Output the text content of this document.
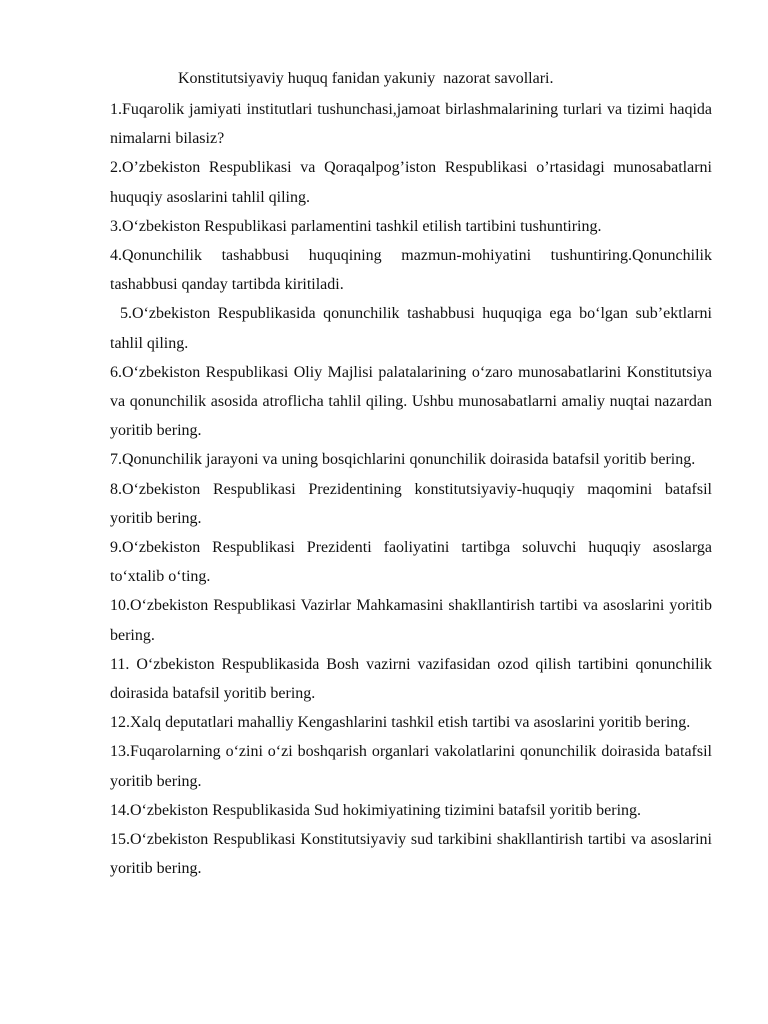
Konstitutsiyaviy huquq fanidan yakuniy  nazorat savollari.

1.Fuqarolik jamiyati institutlari tushunchasi,jamoat birlashmalarining turlari va tizimi haqida nimalarni bilasiz?

2.O’zbekiston Respublikasi va Qoraqalpog’iston Respublikasi o’rtasidagi munosabatlarni huquqiy asoslarini tahlil qiling.

3.O‘zbekiston Respublikasi parlamentini tashkil etilish tartibini tushuntiring.

4.Qonunchilik tashabbusi huquqining mazmun-mohiyatini tushuntiring.Qonunchilik tashabbusi qanday tartibda kiritiladi.

5.O‘zbekiston Respublikasida qonunchilik tashabbusi huquqiga ega bo‘lgan sub’ektlarni tahlil qiling.

6.O‘zbekiston Respublikasi Oliy Majlisi palatalarining o‘zaro munosabatlarini Konstitutsiya va qonunchilik asosida atroflicha tahlil qiling. Ushbu munosabatlarni amaliy nuqtai nazardan yoritib bering.

7.Qonunchilik jarayoni va uning bosqichlarini qonunchilik doirasida batafsil yoritib bering.

8.O‘zbekiston Respublikasi Prezidentining konstitutsiyaviy-huquqiy maqomini batafsil yoritib bering.

9.O‘zbekiston Respublikasi Prezidenti faoliyatini tartibga soluvchi huquqiy asoslarga to‘xtalib o‘ting.

10.O‘zbekiston Respublikasi Vazirlar Mahkamasini shakllantirish tartibi va asoslarini yoritib bering.

11. O‘zbekiston Respublikasida Bosh vazirni vazifasidan ozod qilish tartibini qonunchilik doirasida batafsil yoritib bering.

12.Xalq deputatlari mahalliy Kengashlarini tashkil etish tartibi va asoslarini yoritib bering.

13.Fuqarolarning o‘zini o‘zi boshqarish organlari vakolatlarini qonunchilik doirasida batafsil yoritib bering.

14.O‘zbekiston Respublikasida Sud hokimiyatining tizimini batafsil yoritib bering.

15.O‘zbekiston Respublikasi Konstitutsiyaviy sud tarkibini shakllantirish tartibi va asoslarini yoritib bering.
